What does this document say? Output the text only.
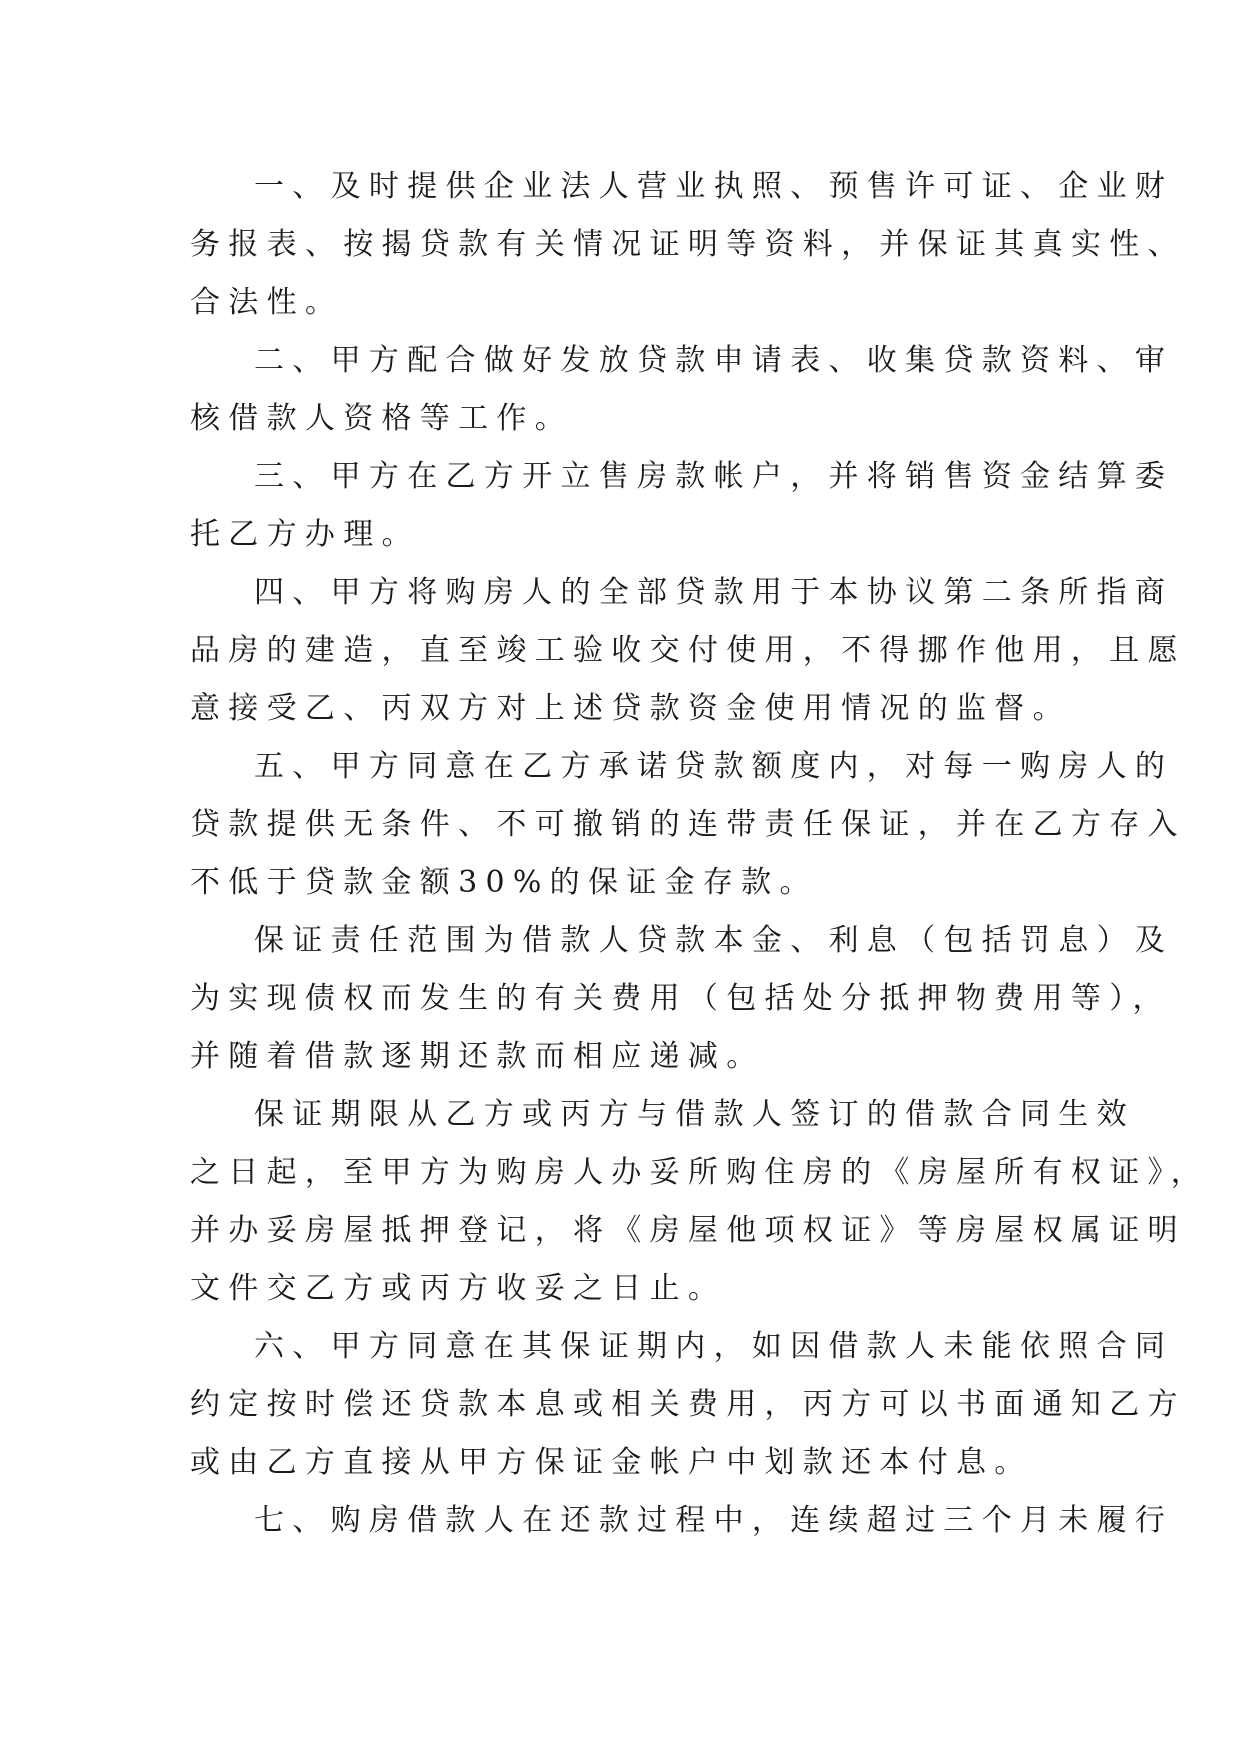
一、及时提供企业法人营业执照、预售许可证、企业财
务报表、按揭贷款有关情况证明等资料，并保证其真实性、
合法性。
二、甲方配合做好发放贷款申请表、收集贷款资料、审
核借款人资格等工作。
三、甲方在乙方开立售房款帐户，并将销售资金结算委
托乙方办理。
四、甲方将购房人的全部贷款用于本协议第二条所指商
品房的建造，直至竣工验收交付使用，不得挪作他用，且愿
意接受乙、丙双方对上述贷款资金使用情况的监督。
五、甲方同意在乙方承诺贷款额度内，对每一购房人的
贷款提供无条件、不可撤销的连带责任保证，并在乙方存入
不低于贷款金额30%的保证金存款。
保证责任范围为借款人贷款本金、利息（包括罚息）及
为实现债权而发生的有关费用（包括处分抵押物费用等），
并随着借款逐期还款而相应递减。
保证期限从乙方或丙方与借款人签订的借款合同生效
之日起，至甲方为购房人办妥所购住房的《房屋所有权证》，
并办妥房屋抵押登记，将《房屋他项权证》等房屋权属证明
文件交乙方或丙方收妥之日止。
六、甲方同意在其保证期内，如因借款人未能依照合同
约定按时偿还贷款本息或相关费用，丙方可以书面通知乙方
或由乙方直接从甲方保证金帐户中划款还本付息。
七、购房借款人在还款过程中，连续超过三个月未履行
